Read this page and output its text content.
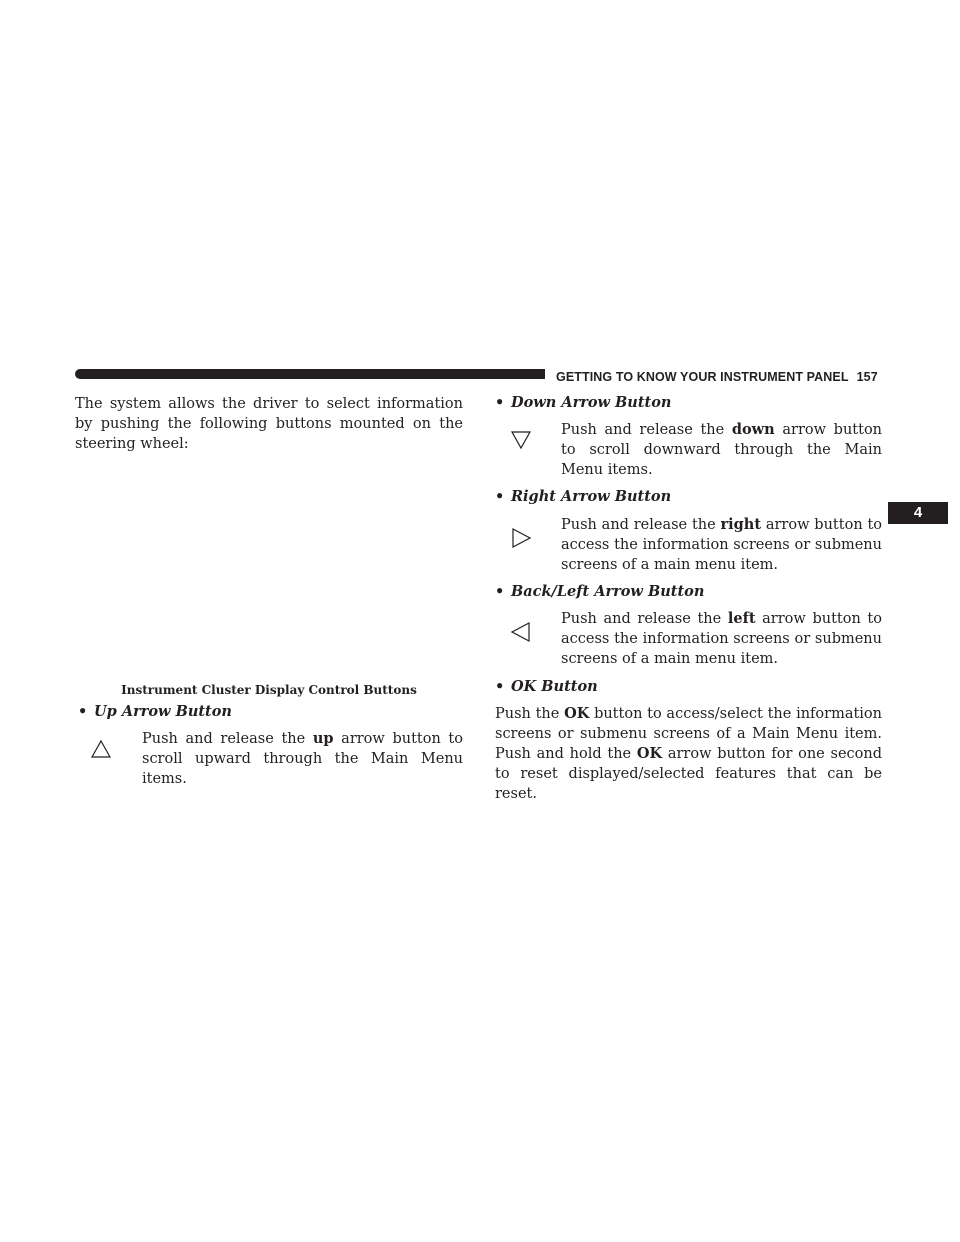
GETTING TO KNOW YOUR INSTRUMENT PANEL 157
4
The system allows the driver to select information by pushing the following buttons mounted on the steering wheel:
Instrument Cluster Display Control Buttons
• Up Arrow Button
Push and release the up arrow button to scroll upward through the Main Menu items.
• Down Arrow Button
Push and release the down arrow button to scroll downward through the Main Menu items.
• Right Arrow Button
Push and release the right arrow button to access the information screens or submenu screens of a main menu item.
• Back/Left Arrow Button
Push and release the left arrow button to access the information screens or submenu screens of a main menu item.
• OK Button
Push the OK button to access/select the information screens or submenu screens of a Main Menu item. Push and hold the OK arrow button for one second to reset displayed/selected features that can be reset.
